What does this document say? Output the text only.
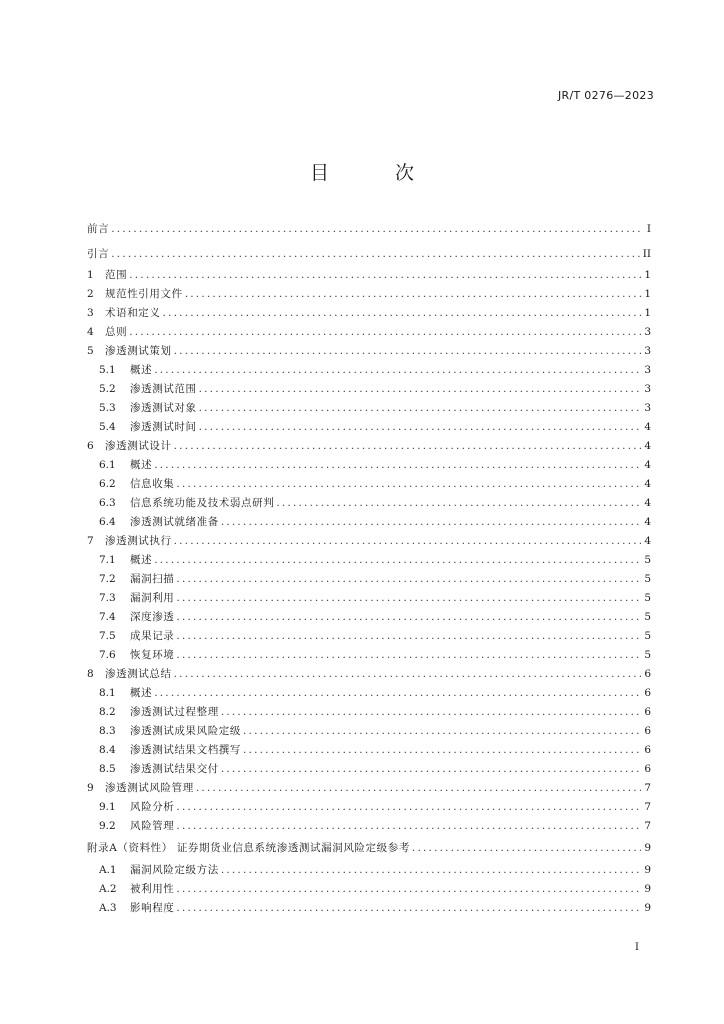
JR/T 0276—2023
目 次
前言 .....	I
引言 .....	II
1	范围 .....	1
2	规范性引用文件 .....	1
3	术语和定义 .....	1
4	总则 .....	3
5	渗透测试策划 .....	3
5.1	概述 .....	3
5.2	渗透测试范围 .....	3
5.3	渗透测试对象 .....	3
5.4	渗透测试时间 .....	4
6	渗透测试设计 .....	4
6.1	概述 .....	4
6.2	信息收集 .....	4
6.3	信息系统功能及技术弱点研判 .....	4
6.4	渗透测试就绪准备 .....	4
7	渗透测试执行 .....	4
7.1	概述 .....	5
7.2	漏洞扫描 .....	5
7.3	漏洞利用 .....	5
7.4	深度渗透 .....	5
7.5	成果记录 .....	5
7.6	恢复环境 .....	5
8	渗透测试总结 .....	6
8.1	概述 .....	6
8.2	渗透测试过程整理 .....	6
8.3	渗透测试成果风险定级 .....	6
8.4	渗透测试结果文档撰写 .....	6
8.5	渗透测试结果交付 .....	6
9	渗透测试风险管理 .....	7
9.1	风险分析 .....	7
9.2	风险管理 .....	7
附录A（资料性） 证券期货业信息系统渗透测试漏洞风险定级参考 .....	9
A.1	漏洞风险定级方法 .....	9
A.2	被利用性 .....	9
A.3	影响程度 .....	9
I
